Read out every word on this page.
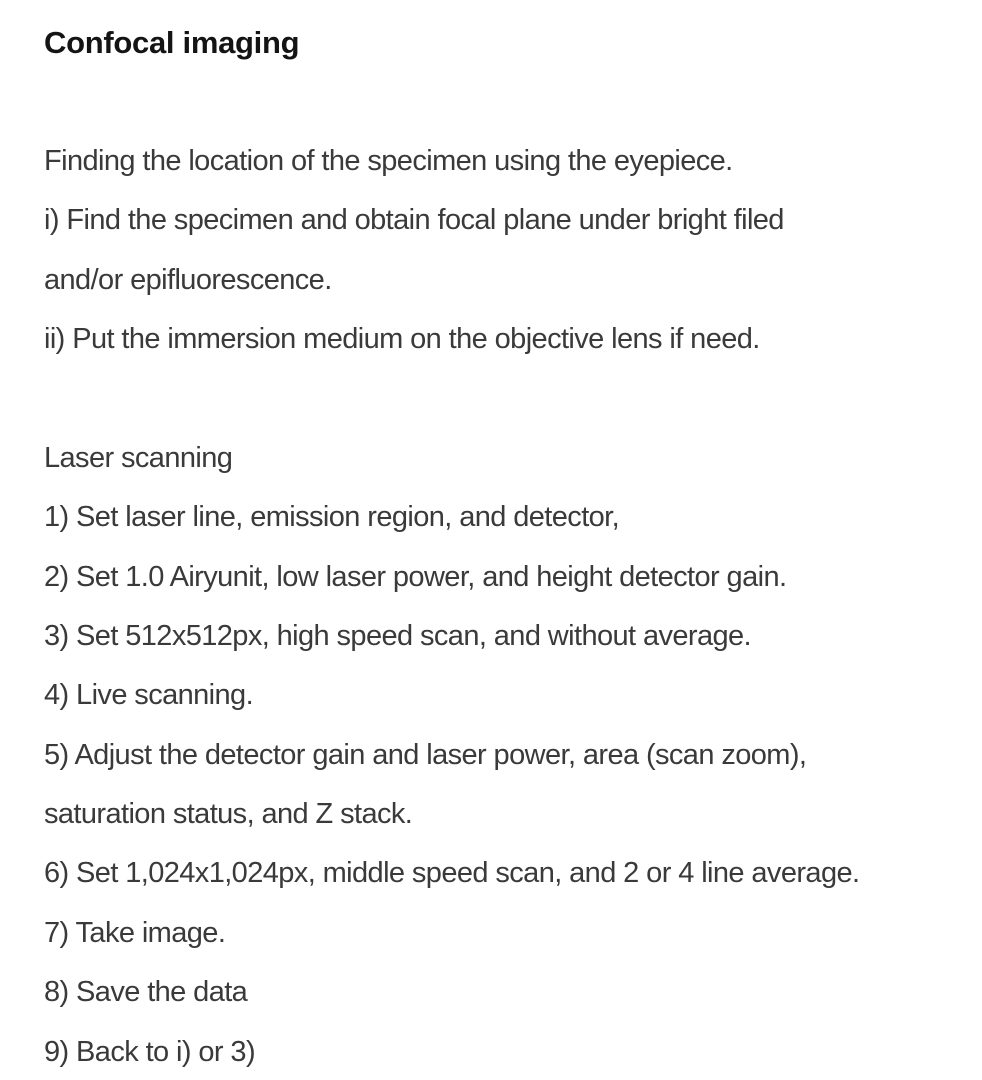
Confocal imaging
Finding the location of the specimen using the eyepiece.
i) Find the specimen and obtain focal plane under bright filed
and/or epifluorescence.
ii) Put the immersion medium on the objective lens if need.
Laser scanning
1) Set laser line, emission region, and detector,
2) Set 1.0 Airyunit, low laser power, and height detector gain.
3) Set 512x512px, high speed scan, and without average.
4) Live scanning.
5) Adjust the detector gain and laser power, area (scan zoom),
saturation status, and Z stack.
6) Set 1,024x1,024px, middle speed scan, and 2 or 4 line average.
7) Take image.
8) Save the data
9) Back to i) or 3)
